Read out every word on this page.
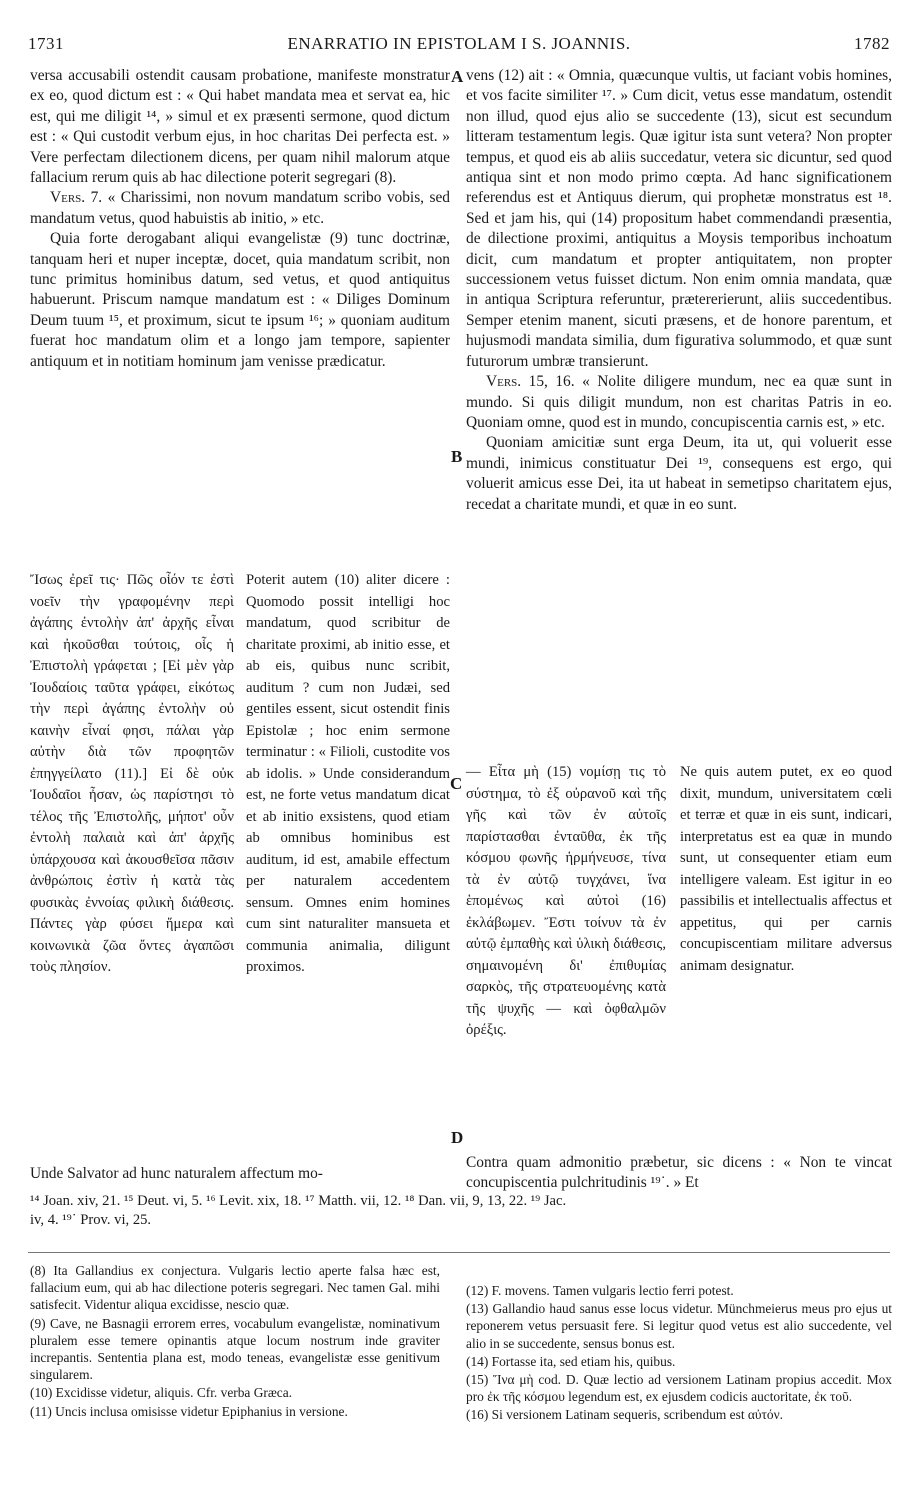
1731	ENARRATIO IN EPISTOLAM I S. JOANNIS.	1782
A
B
C
D

versa accusabili ostendit causam probatione, manifeste monstratur ex eo, quod dictum est : « Qui habet mandata mea et servat ea, hic est, qui me diligit ¹⁴, » simul et ex præsenti sermone, quod dictum est : « Qui custodit verbum ejus, in hoc charitas Dei perfecta est. » Vere perfectam dilectionem dicens, per quam nihil malorum atque fallacium rerum quis ab hac dilectione poterit segregari (8).

Vers. 7. « Charissimi, non novum mandatum scribo vobis, sed mandatum vetus, quod habuistis ab initio, » etc.

Quia forte derogabant aliqui evangelistæ (9) tunc doctrinæ, tanquam heri et nuper inceptæ, docet, quia mandatum scribit, non tunc primitus hominibus datum, sed vetus, et quod antiquitus habuerunt. Priscum namque mandatum est : « Diliges Dominum Deum tuum ¹⁵, et proximum, sicut te ipsum ¹⁶; » quoniam auditum fuerat hoc mandatum olim et a longo jam tempore, sapienter antiquum et in notitiam hominum jam venisse prædicatur.

Ἴσως ἐρεῖ τις· Πῶς οἷόν τε ἐστὶ νοεῖν τὴν γραφομένην περὶ ἀγάπης ἐντολὴν ἀπ' ἀρχῆς εἶναι καὶ ἠκοῦσθαι τούτοις, οἷς ἡ Ἐπιστολὴ γράφεται ; [Εἰ μὲν γὰρ Ἰουδαίοις ταῦτα γράφει, εἰκότως τὴν περὶ ἀγάπης ἐντολὴν οὐ καινὴν εἶναί φησι, πάλαι γὰρ αὐτὴν διὰ τῶν προφητῶν ἐπηγγείλατο (11).] Εἰ δὲ οὐκ Ἰουδαῖοι ἦσαν, ὡς παρίστησι τὸ τέλος τῆς Ἐπιστολῆς, μήποτ' οὖν ἐντολὴ παλαιὰ καὶ ἀπ' ἀρχῆς ὑπάρχουσα καὶ ἀκουσθεῖσα πᾶσιν ἀνθρώποις ἐστὶν ἡ κατὰ τὰς φυσικὰς ἐννοίας φιλικὴ διάθεσις. Πάντες γὰρ φύσει ἥμερα καὶ κοινωνικὰ ζῶα ὄντες ἀγαπῶσι τοὺς πλησίον.

Poterit autem (10) aliter dicere : Quomodo possit intelligi hoc mandatum, quod scribitur de charitate proximi, ab initio esse, et ab eis, quibus nunc scribit, auditum ? cum non Judæi, sed gentiles essent, sicut ostendit finis Epistolæ ; hoc enim sermone terminatur : « Filioli, custodite vos ab idolis. » Unde considerandum est, ne forte vetus mandatum dicat et ab initio exsistens, quod etiam ab omnibus hominibus est auditum, id est, amabile effectum per naturalem accedentem sensum. Omnes enim homines cum sint naturaliter mansueta et communia animalia, diligunt proximos.

Unde Salvator ad hunc naturalem affectum mo-

vens (12) ait : « Omnia, quæcunque vultis, ut faciant vobis homines, et vos facite similiter ¹⁷. » Cum dicit, vetus esse mandatum, ostendit non illud, quod ejus alio se succedente (13), sicut est secundum litteram testamentum legis. Quæ igitur ista sunt vetera? Non propter tempus, et quod eis ab aliis succedatur, vetera sic dicuntur, sed quod antiqua sint et non modo primo cœpta. Ad hanc significationem referendus est et Antiquus dierum, qui prophetæ monstratus est ¹⁸. Sed et jam his, qui (14) propositum habet commendandi præsentia, de dilectione proximi, antiquitus a Moysis temporibus inchoatum dicit, cum mandatum et propter antiquitatem, non propter successionem vetus fuisset dictum. Non enim omnia mandata, quæ in antiqua Scriptura referuntur, prætererierunt, aliis succedentibus. Semper etenim manent, sicuti præsens, et de honore parentum, et hujusmodi mandata similia, dum figurativa solummodo, et quæ sunt futurorum umbræ transierunt.

Vers. 15, 16. « Nolite diligere mundum, nec ea quæ sunt in mundo. Si quis diligit mundum, non est charitas Patris in eo. Quoniam omne, quod est in mundo, concupiscentia carnis est, » etc.

Quoniam amicitiæ sunt erga Deum, ita ut, qui voluerit esse mundi, inimicus constituatur Dei ¹⁹, consequens est ergo, qui voluerit amicus esse Dei, ita ut habeat in semetipso charitatem ejus, recedat a charitate mundi, et quæ in eo sunt.

— Εἶτα μὴ (15) νομίσῃ τις τὸ σύστημα, τὸ ἐξ οὐρανοῦ καὶ τῆς γῆς καὶ τῶν ἐν αὐτοῖς παρίστασθαι ἐνταῦθα, ἐκ τῆς κόσμου φωνῆς ἡρμήνευσε, τίνα τὰ ἐν αὐτῷ τυγχάνει, ἵνα ἑπομένως καὶ αὐτοὶ (16) ἐκλάβωμεν. Ἔστι τοίνυν τὰ ἐν αὐτῷ ἐμπαθὴς καὶ ὑλικὴ διάθεσις, σημαινομένη δι' ἐπιθυμίας σαρκὸς, τῆς στρατευομένης κατὰ τῆς ψυχῆς — καὶ ὀφθαλμῶν ὀρέξις.

Ne quis autem putet, ex eo quod dixit, mundum, universitatem cœli et terræ et quæ in eis sunt, indicari, interpretatus est ea quæ in mundo sunt, ut consequenter etiam eum intelligere valeam. Est igitur in eo passibilis et intellectualis affectus et appetitus, qui per carnis concupiscentiam militare adversus animam designatur.

Contra quam admonitio præbetur, sic dicens : « Non te vincat concupiscentia pulchritudinis ¹⁹˙. » Et

¹⁴ Joan. xiv, 21. ¹⁵ Deut. vi, 5. ¹⁶ Levit. xix, 18. ¹⁷ Matth. vii, 12. ¹⁸ Dan. vii, 9, 13, 22. ¹⁹ Jac.
iv, 4. ¹⁹˙ Prov. vi, 25.

(8) Ita Gallandius ex conjectura. Vulgaris lectio aperte falsa hæc est, fallacium eum, qui ab hac dilectione poteris segregari. Nec tamen Gal. mihi satisfecit. Videntur aliqua excidisse, nescio quæ.

(9) Cave, ne Basnagii errorem erres, vocabulum evangelistæ, nominativum pluralem esse temere opinantis atque locum nostrum inde graviter increpantis. Sententia plana est, modo teneas, evangelistæ esse genitivum singularem.

(10) Excidisse videtur, aliquis. Cfr. verba Græca.

(11) Uncis inclusa omisisse videtur Epiphanius in versione.

(12) F. movens. Tamen vulgaris lectio ferri potest.

(13) Gallandio haud sanus esse locus videtur. Münchmeierus meus pro ejus ut reponerem vetus persuasit fere. Si legitur quod vetus est alio succedente, vel alio in se succedente, sensus bonus est.

(14) Fortasse ita, sed etiam his, quibus.

(15) Ἵνα μὴ cod. D. Quæ lectio ad versionem Latinam propius accedit. Mox pro ἐκ τῆς κόσμου legendum est, ex ejusdem codicis auctoritate, ἐκ τοῦ.

(16) Si versionem Latinam sequeris, scribendum est αὐτόν.
